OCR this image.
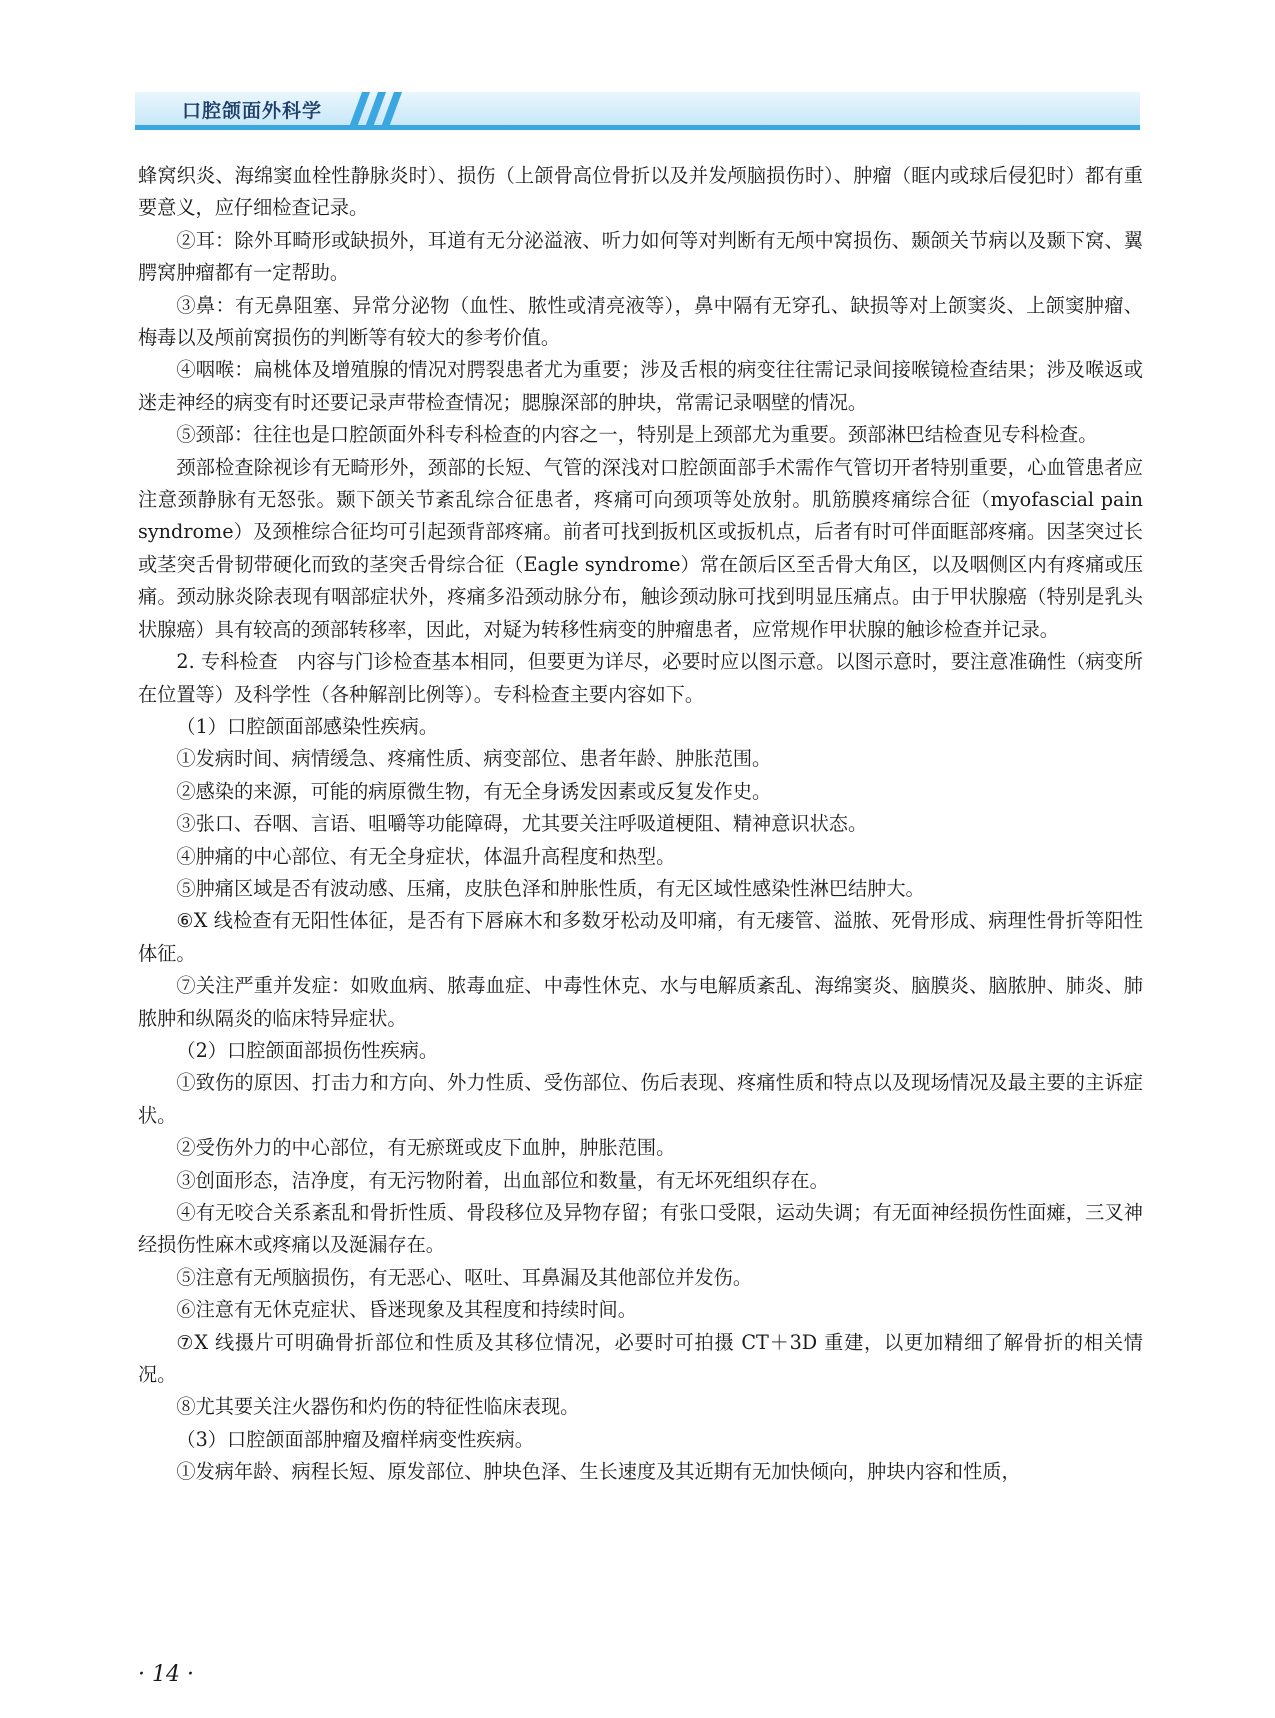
口腔颌面外科学

蜂窝织炎、海绵窦血栓性静脉炎时）、损伤（上颌骨高位骨折以及并发颅脑损伤时）、肿瘤（眶内或球后侵犯时）都有重要意义，应仔细检查记录。

②耳：除外耳畸形或缺损外，耳道有无分泌溢液、听力如何等对判断有无颅中窝损伤、颞颌关节病以及颞下窝、翼腭窝肿瘤都有一定帮助。

③鼻：有无鼻阻塞、异常分泌物（血性、脓性或清亮液等），鼻中隔有无穿孔、缺损等对上颌窦炎、上颌窦肿瘤、梅毒以及颅前窝损伤的判断等有较大的参考价值。

④咽喉：扁桃体及增殖腺的情况对腭裂患者尤为重要；涉及舌根的病变往往需记录间接喉镜检查结果；涉及喉返或迷走神经的病变有时还要记录声带检查情况；腮腺深部的肿块，常需记录咽壁的情况。

⑤颈部：往往也是口腔颌面外科专科检查的内容之一，特别是上颈部尤为重要。颈部淋巴结检查见专科检查。

颈部检查除视诊有无畸形外，颈部的长短、气管的深浅对口腔颌面部手术需作气管切开者特别重要，心血管患者应注意颈静脉有无怒张。颞下颌关节紊乱综合征患者，疼痛可向颈项等处放射。肌筋膜疼痛综合征（myofascial pain syndrome）及颈椎综合征均可引起颈背部疼痛。前者可找到扳机区或扳机点，后者有时可伴面眶部疼痛。因茎突过长或茎突舌骨韧带硬化而致的茎突舌骨综合征（Eagle syndrome）常在颌后区至舌骨大角区，以及咽侧区内有疼痛或压痛。颈动脉炎除表现有咽部症状外，疼痛多沿颈动脉分布，触诊颈动脉可找到明显压痛点。由于甲状腺癌（特别是乳头状腺癌）具有较高的颈部转移率，因此，对疑为转移性病变的肿瘤患者，应常规作甲状腺的触诊检查并记录。

2. 专科检查　内容与门诊检查基本相同，但要更为详尽，必要时应以图示意。以图示意时，要注意准确性（病变所在位置等）及科学性（各种解剖比例等）。专科检查主要内容如下。

（1）口腔颌面部感染性疾病。

①发病时间、病情缓急、疼痛性质、病变部位、患者年龄、肿胀范围。

②感染的来源，可能的病原微生物，有无全身诱发因素或反复发作史。

③张口、吞咽、言语、咀嚼等功能障碍，尤其要关注呼吸道梗阻、精神意识状态。

④肿痛的中心部位、有无全身症状，体温升高程度和热型。

⑤肿痛区域是否有波动感、压痛，皮肤色泽和肿胀性质，有无区域性感染性淋巴结肿大。

⑥X 线检查有无阳性体征，是否有下唇麻木和多数牙松动及叩痛，有无瘘管、溢脓、死骨形成、病理性骨折等阳性体征。

⑦关注严重并发症：如败血病、脓毒血症、中毒性休克、水与电解质紊乱、海绵窦炎、脑膜炎、脑脓肿、肺炎、肺脓肿和纵隔炎的临床特异症状。

（2）口腔颌面部损伤性疾病。

①致伤的原因、打击力和方向、外力性质、受伤部位、伤后表现、疼痛性质和特点以及现场情况及最主要的主诉症状。

②受伤外力的中心部位，有无瘀斑或皮下血肿，肿胀范围。

③创面形态，洁净度，有无污物附着，出血部位和数量，有无坏死组织存在。

④有无咬合关系紊乱和骨折性质、骨段移位及异物存留；有张口受限，运动失调；有无面神经损伤性面瘫，三叉神经损伤性麻木或疼痛以及涎漏存在。

⑤注意有无颅脑损伤，有无恶心、呕吐、耳鼻漏及其他部位并发伤。

⑥注意有无休克症状、昏迷现象及其程度和持续时间。

⑦X 线摄片可明确骨折部位和性质及其移位情况，必要时可拍摄 CT＋3D 重建，以更加精细了解骨折的相关情况。

⑧尤其要关注火器伤和灼伤的特征性临床表现。

（3）口腔颌面部肿瘤及瘤样病变性疾病。

①发病年龄、病程长短、原发部位、肿块色泽、生长速度及其近期有无加快倾向，肿块内容和性质，

· 14 ·
